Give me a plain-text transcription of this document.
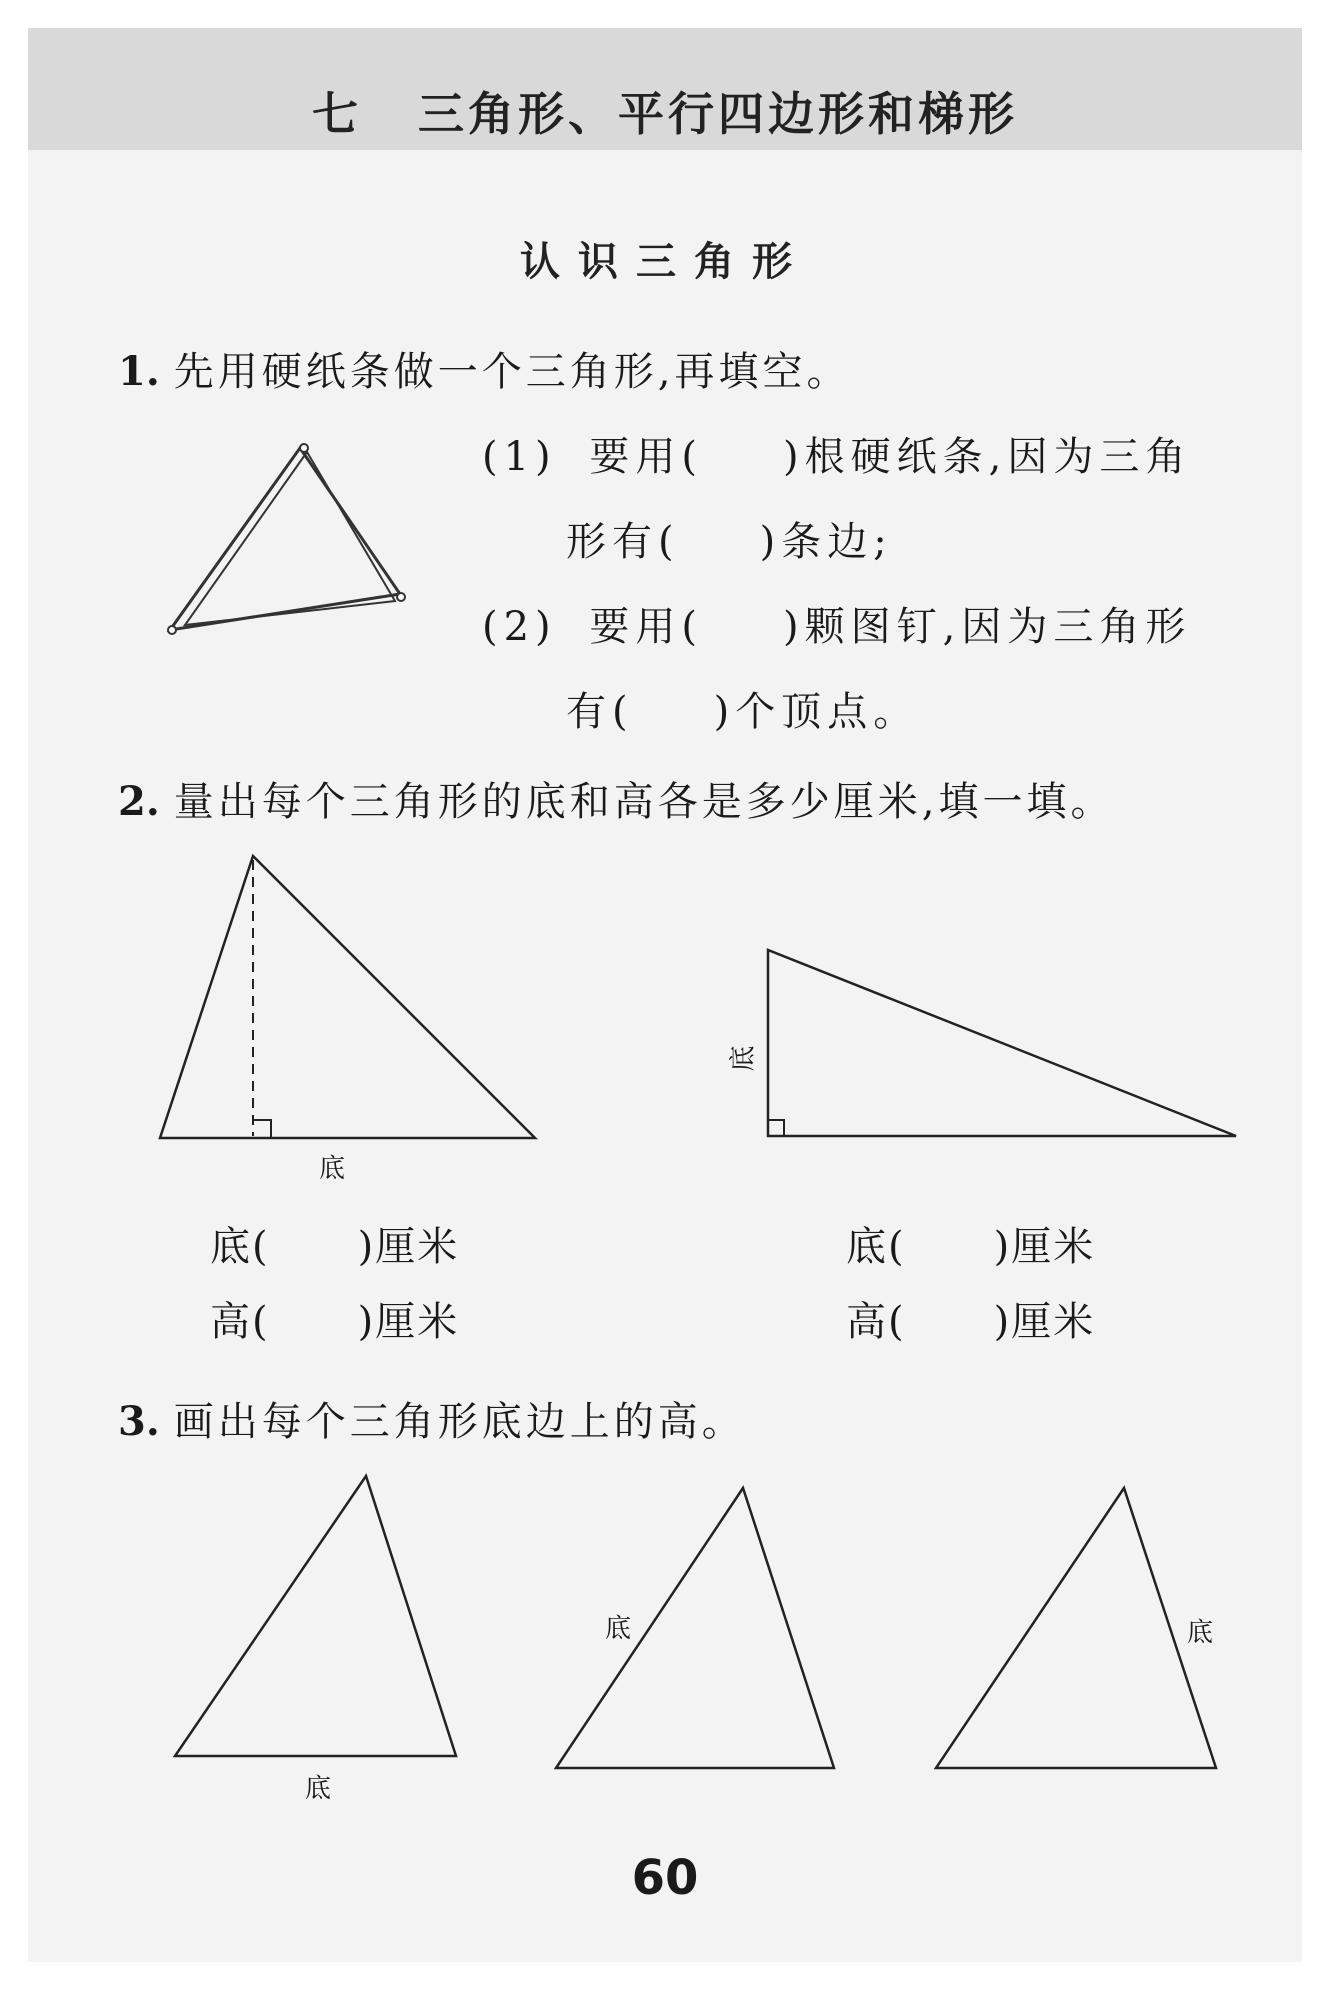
七 三角形、平行四边形和梯形
认识三角形
1. 先用硬纸条做一个三角形,再填空。
(1) 要用( )根硬纸条,因为三角
形有( )条边;
(2) 要用( )颗图钉,因为三角形
有( )个顶点。
2. 量出每个三角形的底和高各是多少厘米,填一填。
底
底
底( )厘米
高( )厘米
底( )厘米
高( )厘米
3. 画出每个三角形底边上的高。
底
底	底
60
